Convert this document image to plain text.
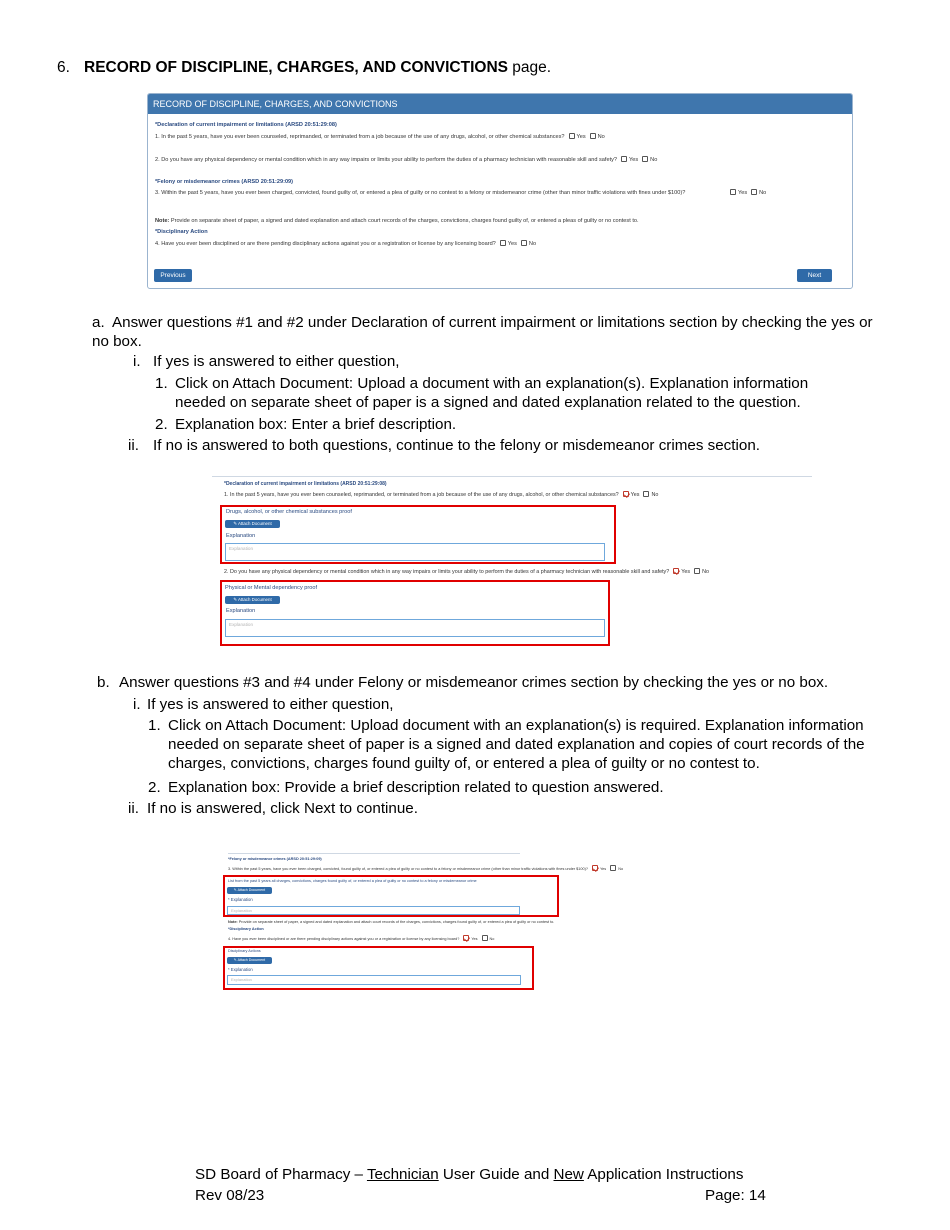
6. RECORD OF DISCIPLINE, CHARGES, AND CONVICTIONS page.
RECORD OF DISCIPLINE, CHARGES, AND CONVICTIONS
*Declaration of current impairment or limitations (ARSD 20:51:29:08)
1. In the past 5 years, have you ever been counseled, reprimanded, or terminated from a job because of the use of any drugs, alcohol, or other chemical substances? Yes No
2. Do you have any physical dependency or mental condition which in any way impairs or limits your ability to perform the duties of a pharmacy technician with reasonable skill and safety? Yes No
*Felony or misdemeanor crimes (ARSD 20:51:29:09)
3. Within the past 5 years, have you ever been charged, convicted, found guilty of, or entered a plea of guilty or no contest to a felony or misdemeanor crime (other than minor traffic violations with fines under $100)?	Yes No
Note: Provide on separate sheet of paper, a signed and dated explanation and attach court records of the charges, convictions, charges found guilty of, or entered a pleas of guilty or no contest to.
*Disciplinary Action
4. Have you ever been disciplined or are there pending disciplinary actions against you or a registration or license by any licensing board? Yes No
Previous	Next
a. Answer questions #1 and #2 under Declaration of current impairment or limitations section by checking the yes or no box.
i. If yes is answered to either question,
1. Click on Attach Document: Upload a document with an explanation(s). Explanation information needed on separate sheet of paper is a signed and dated explanation related to the question.
2. Explanation box: Enter a brief description.
ii. If no is answered to both questions, continue to the felony or misdemeanor crimes section.
*Declaration of current impairment or limitations (ARSD 20:51:29:08)
1. In the past 5 years, have you ever been counseled, reprimanded, or terminated from a job because of the use of any drugs, alcohol, or other chemical substances? Yes No
Drugs, alcohol, or other chemical substances proof
✎ Attach Document
Explanation
Explanation
2. Do you have any physical dependency or mental condition which in any way impairs or limits your ability to perform the duties of a pharmacy technician with reasonable skill and safety? Yes No
Physical or Mental dependency proof
✎ Attach Document
Explanation
Explanation
b. Answer questions #3 and #4 under Felony or misdemeanor crimes section by checking the yes or no box.
i. If yes is answered to either question,
1. Click on Attach Document: Upload document with an explanation(s) is required. Explanation information needed on separate sheet of paper is a signed and dated explanation and copies of court records of the charges, convictions, charges found guilty of, or entered a plea of guilty or no contest to.
2. Explanation box: Provide a brief description related to question answered.
ii. If no is answered, click Next to continue.
*Felony or misdemeanor crimes (ARSD 20:51:29:09)
3. Within the past 5 years, have you ever been charged, convicted, found guilty of, or entered a plea of guilty or no contest to a felony or misdemeanor crime (other than minor traffic violations with fines under $100)?	Yes	No
List from the past 5 years all charges, convictions, charges found guilty of, or entered a plea of guilty or no contest to a felony or misdemeanor crime
✎ Attach Document
* Explanation
Explanation
Note: Provide on separate sheet of paper, a signed and dated explanation and attach court records of the charges, convictions, charges found guilty of, or entered a plea of guilty or no contest to.
*Disciplinary Action
4. Have you ever been disciplined or are there pending disciplinary actions against you or a registration or license by any licensing board?	Yes	No
Disciplinary Actions
✎ Attach Document
* Explanation
Explanation
SD Board of Pharmacy – Technician User Guide and New Application Instructions
Rev 08/23	Page: 14
